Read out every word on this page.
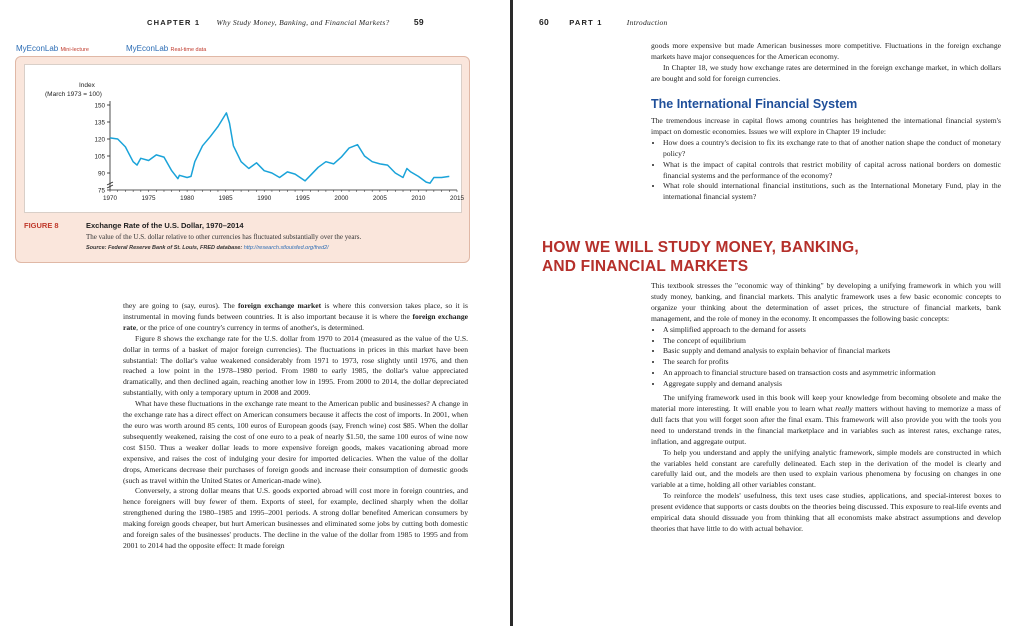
CHAPTER 1 Why Study Money, Banking, and Financial Markets?	59
MyEconLab Mini-lecture	MyEconLab Real-time data
Index
(March 1973 = 100)
75
90
105
120
135
150
1970	1975	1980	1985	1990	1995	2000	2005	2010	2015
FIGURE 8	Exchange Rate of the U.S. Dollar, 1970–2014
The value of the U.S. dollar relative to other currencies has fluctuated substantially over the years.
Source: Federal Reserve Bank of St. Louis, FRED database: http://research.stlouisfed.org/fred2/

they are going to (say, euros). The foreign exchange market is where this conversion takes place, so it is instrumental in moving funds between countries. It is also important because it is where the foreign exchange rate, or the price of one country's currency in terms of another's, is determined.

Figure 8 shows the exchange rate for the U.S. dollar from 1970 to 2014 (measured as the value of the U.S. dollar in terms of a basket of major foreign currencies). The fluctuations in prices in this market have been substantial: The dollar's value weakened considerably from 1971 to 1973, rose slightly until 1976, and then reached a low point in the 1978–1980 period. From 1980 to early 1985, the dollar's value appreciated dramatically, and then declined again, reaching another low in 1995. From 2000 to 2014, the dollar depreciated substantially, with only a temporary upturn in 2008 and 2009.

What have these fluctuations in the exchange rate meant to the American public and businesses? A change in the exchange rate has a direct effect on American consumers because it affects the cost of imports. In 2001, when the euro was worth around 85 cents, 100 euros of European goods (say, French wine) cost $85. When the dollar subsequently weakened, raising the cost of one euro to a peak of nearly $1.50, the same 100 euros of wine now cost $150. Thus a weaker dollar leads to more expensive foreign goods, makes vacationing abroad more expensive, and raises the cost of indulging your desire for imported delicacies. When the value of the dollar drops, Americans decrease their purchases of foreign goods and increase their consumption of domestic goods (such as travel within the United States or American-made wine).

Conversely, a strong dollar means that U.S. goods exported abroad will cost more in foreign countries, and hence foreigners will buy fewer of them. Exports of steel, for example, declined sharply when the dollar strengthened during the 1980–1985 and 1995–2001 periods. A strong dollar benefited American consumers by making foreign goods cheaper, but hurt American businesses and eliminated some jobs by cutting both domestic and foreign sales of the businesses' products. The decline in the value of the dollar from 1985 to 1995 and from 2001 to 2014 had the opposite effect: It made foreign

60	PART 1	Introduction

goods more expensive but made American businesses more competitive. Fluctuations in the foreign exchange markets have major consequences for the American economy.

In Chapter 18, we study how exchange rates are determined in the foreign exchange market, in which dollars are bought and sold for foreign currencies.

The International Financial System

The tremendous increase in capital flows among countries has heightened the international financial system's impact on domestic economies. Issues we will explore in Chapter 19 include:

• How does a country's decision to fix its exchange rate to that of another nation shape the conduct of monetary policy?
• What is the impact of capital controls that restrict mobility of capital across national borders on domestic financial systems and the performance of the economy?
• What role should international financial institutions, such as the International Monetary Fund, play in the international financial system?
HOW WE WILL STUDY MONEY, BANKING,
AND FINANCIAL MARKETS

This textbook stresses the "economic way of thinking" by developing a unifying framework in which you will study money, banking, and financial markets. This analytic framework uses a few basic economic concepts to organize your thinking about the determination of asset prices, the structure of financial markets, bank management, and the role of money in the economy. It encompasses the following basic concepts:

• A simplified approach to the demand for assets
• The concept of equilibrium
• Basic supply and demand analysis to explain behavior of financial markets
• The search for profits
• An approach to financial structure based on transaction costs and asymmetric information
• Aggregate supply and demand analysis

The unifying framework used in this book will keep your knowledge from becoming obsolete and make the material more interesting. It will enable you to learn what really matters without having to memorize a mass of dull facts that you will forget soon after the final exam. This framework will also provide you with the tools you need to understand trends in the financial marketplace and in variables such as interest rates, exchange rates, inflation, and aggregate output.

To help you understand and apply the unifying analytic framework, simple models are constructed in which the variables held constant are carefully delineated. Each step in the derivation of the model is clearly and carefully laid out, and the models are then used to explain various phenomena by focusing on changes in one variable at a time, holding all other variables constant.

To reinforce the models' usefulness, this text uses case studies, applications, and special-interest boxes to present evidence that supports or casts doubts on the theories being discussed. This exposure to real-life events and empirical data should dissuade you from thinking that all economists make abstract assumptions and develop theories that have little to do with actual behavior.
